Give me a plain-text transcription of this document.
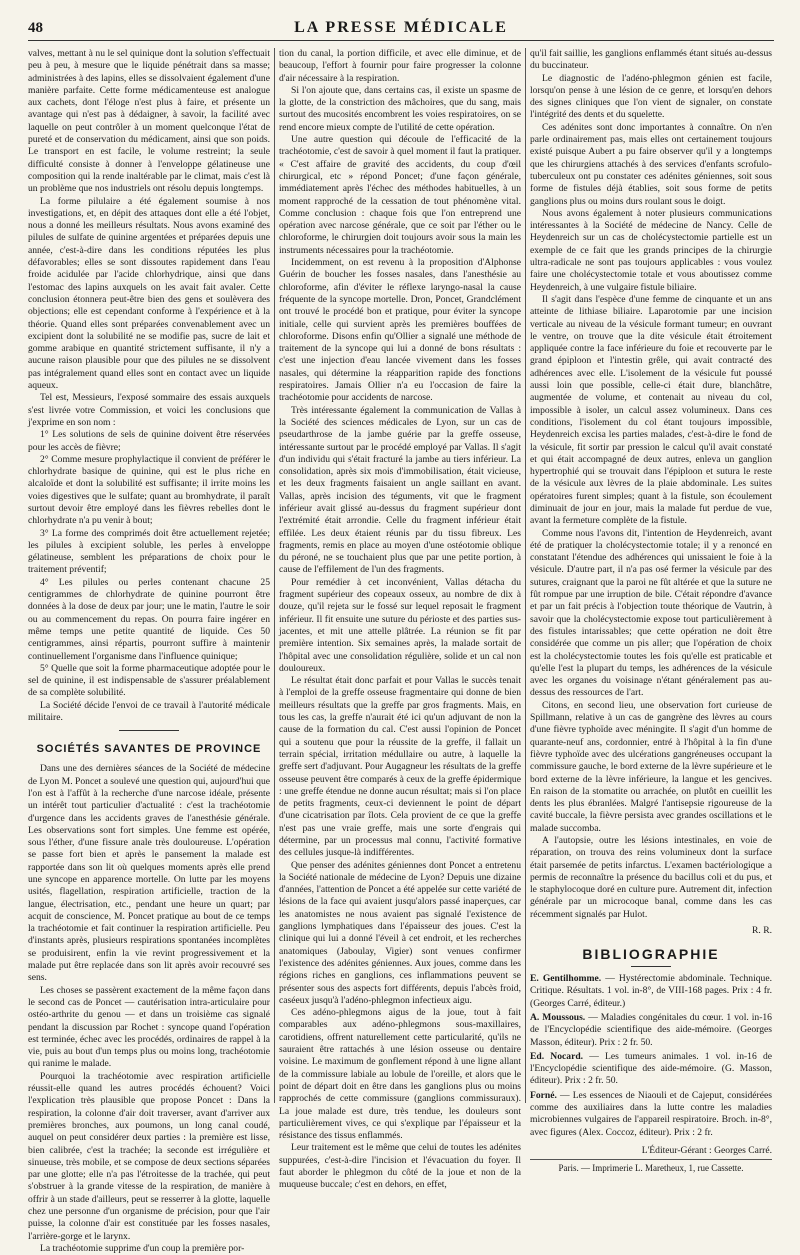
48	LA PRESSE MÉDICALE

valves, mettant à nu le sel quinique dont la solution s'effectuait peu à peu, à mesure que le liquide pénétrait dans sa masse; administrées à des lapins, elles se dissolvaient également d'une manière parfaite. Cette forme médicamenteuse est analogue aux cachets, dont l'éloge n'est plus à faire, et présente un avantage qui n'est pas à dédaigner, à savoir, la facilité avec laquelle on peut contrôler à un moment quelconque l'état de pureté et de conservation du médicament, ainsi que son poids. Le transport en est facile, le volume restreint; la seule difficulté consiste à donner à l'enveloppe gélatineuse une composition qui la rende inaltérable par le climat, mais c'est là un problème que nos industriels ont résolu depuis longtemps.

La forme pilulaire a été également soumise à nos investigations, et, en dépit des attaques dont elle a été l'objet, nous a donné les meilleurs résultats. Nous avons examiné des pilules de sulfate de quinine argentées et préparées depuis une année, c'est-à-dire dans les conditions réputées les plus défavorables; elles se sont dissoutes rapidement dans l'eau froide acidulée par l'acide chlorhydrique, ainsi que dans l'estomac des lapins auxquels on les avait fait avaler. Cette conclusion étonnera peut-être bien des gens et soulèvera des objections; elle est cependant conforme à l'expérience et à la théorie. Quand elles sont préparées convenablement avec un excipient dont la solubilité ne se modifie pas, sucre de lait et gomme arabique en quantité strictement suffisante, il n'y a aucune raison plausible pour que des pilules ne se dissolvent pas intégralement quand elles sont en contact avec un liquide aqueux.

Tel est, Messieurs, l'exposé sommaire des essais auxquels s'est livrée votre Commission, et voici les conclusions que j'exprime en son nom :

1° Les solutions de sels de quinine doivent être réservées pour les accès de fièvre;

2° Comme mesure prophylactique il convient de préférer le chlorhydrate basique de quinine, qui est le plus riche en alcaloïde et dont la solubilité est suffisante; il irrite moins les voies digestives que le sulfate; quant au bromhydrate, il paraît surtout devoir être employé dans les fièvres rebelles dont le chlorhydrate n'a pu venir à bout;

3° La forme des comprimés doit être actuellement rejetée; les pilules à excipient soluble, les perles à enveloppe gélatineuse, semblent les préparations de choix pour le traitement préventif;

4° Les pilules ou perles contenant chacune 25 centigrammes de chlorhydrate de quinine pourront être données à la dose de deux par jour; une le matin, l'autre le soir ou au commencement du repas. On pourra faire ingérer en même temps une petite quantité de liquide. Ces 50 centigrammes, ainsi répartis, pourront suffire à maintenir continuellement l'organisme dans l'influence quinique;

5° Quelle que soit la forme pharmaceutique adoptée pour le sel de quinine, il est indispensable de s'assurer préalablement de sa complète solubilité.

La Société décide l'envoi de ce travail à l'autorité médicale militaire.

SOCIÉTÉS SAVANTES DE PROVINCE

Dans une des dernières séances de la Société de médecine de Lyon M. Poncet a soulevé une question qui, aujourd'hui que l'on est à l'affût à la recherche d'une narcose idéale, présente un intérêt tout particulier d'actualité : c'est la trachéotomie d'urgence dans les accidents graves de l'anesthésie générale. Les observations sont fort simples. Une femme est opérée, sous l'éther, d'une fissure anale très douloureuse. L'opération se passe fort bien et après le pansement la malade est rapportée dans son lit où quelques moments après elle prend une syncope en apparence mortelle. On lutte par les moyens usités, flagellation, respiration artificielle, traction de la langue, électrisation, etc., pendant une heure un quart; par acquit de conscience, M. Poncet pratique au bout de ce temps la trachéotomie et fait continuer la respiration artificielle. Peu d'instants après, plusieurs respirations spontanées incomplètes se produisirent, enfin la vie revint progressivement et la malade put être replacée dans son lit après avoir recouvré ses sens.

Les choses se passèrent exactement de la même façon dans le second cas de Poncet — cautérisation intra-articulaire pour ostéo-arthrite du genou — et dans un troisième cas signalé pendant la discussion par Rochet : syncope quand l'opération est terminée, échec avec les procédés, ordinaires de rappel à la vie, puis au bout d'un temps plus ou moins long, trachéotomie qui ranime le malade.

Pourquoi la trachéotomie avec respiration artificielle réussit-elle quand les autres procédés échouent? Voici l'explication très plausible que propose Poncet : Dans la respiration, la colonne d'air doit traverser, avant d'arriver aux premières bronches, aux poumons, un long canal coudé, auquel on peut considérer deux parties : la première est lisse, bien calibrée, c'est la trachée; la seconde est irrégulière et sinueuse, très mobile, et se compose de deux sections séparées par une glotte; elle n'a pas l'étroitesse de la trachée, qui peut s'obstruer à la grande vitesse de la respiration, de manière à offrir à un stade d'ailleurs, peut se resserrer à la glotte, laquelle chez une personne d'un organisme de précision, pour que l'air puisse, la colonne d'air est constituée par les fosses nasales, l'arrière-gorge et le larynx.

La trachéotomie supprime d'un coup la première por-

tion du canal, la portion difficile, et avec elle diminue, et de beaucoup, l'effort à fournir pour faire progresser la colonne d'air nécessaire à la respiration.

Si l'on ajoute que, dans certains cas, il existe un spasme de la glotte, de la constriction des mâchoires, que du sang, mais surtout des mucosités encombrent les voies respiratoires, on se rend encore mieux compte de l'utilité de cette opération.

Une autre question qui découle de l'efficacité de la trachéotomie, c'est de savoir à quel moment il faut la pratiquer. « C'est affaire de gravité des accidents, du coup d'œil chirurgical, etc » répond Poncet; d'une façon générale, immédiatement après l'échec des méthodes habituelles, à un moment rapproché de la cessation de tout phénomène vital. Comme conclusion : chaque fois que l'on entreprend une opération avec narcose générale, que ce soit par l'éther ou le chloroforme, le chirurgien doit toujours avoir sous la main les instruments nécessaires pour la trachéotomie.

Incidemment, on est revenu à la proposition d'Alphonse Guérin de boucher les fosses nasales, dans l'anesthésie au chloroforme, afin d'éviter le réflexe laryngo-nasal la cause fréquente de la syncope mortelle. Dron, Poncet, Grandclément ont trouvé le procédé bon et pratique, pour éviter la syncope initiale, celle qui survient après les premières bouffées de chloroforme. Disons enfin qu'Ollier a signalé une méthode de traitement de la syncope qui lui a donné de bons résultats : c'est une injection d'eau lancée vivement dans les fosses nasales, qui détermine la réapparition rapide des fonctions respiratoires. Jamais Ollier n'a eu l'occasion de faire la trachéotomie pour accidents de narcose.

Très intéressante également la communication de Vallas à la Société des sciences médicales de Lyon, sur un cas de pseudarthrose de la jambe guérie par la greffe osseuse, intéressante surtout par le procédé employé par Vallas. Il s'agit d'un individu qui s'était fracturé la jambe au tiers inférieur. La consolidation, après six mois d'immobilisation, était vicieuse, et les deux fragments faisaient un angle saillant en avant. Vallas, après incision des téguments, vit que le fragment inférieur avait glissé au-dessus du fragment supérieur dont l'extrémité était arrondie. Celle du fragment inférieur était effilée. Les deux étaient réunis par du tissu fibreux. Les fragments, remis en place au moyen d'une ostéotomie oblique du péroné, ne se touchaient plus que par une petite portion, à cause de l'effilement de l'un des fragments.

Pour remédier à cet inconvénient, Vallas détacha du fragment supérieur des copeaux osseux, au nombre de dix à douze, qu'il rejeta sur le fossé sur lequel reposait le fragment inférieur. Il fit ensuite une suture du périoste et des parties sus-jacentes, et mit une attelle plâtrée. La réunion se fit par première intention. Six semaines après, la malade sortait de l'hôpital avec une consolidation régulière, solide et un cal non douloureux.

Le résultat était donc parfait et pour Vallas le succès tenait à l'emploi de la greffe osseuse fragmentaire qui donne de bien meilleurs résultats que la greffe par gros fragments. Mais, en tous les cas, la greffe n'aurait été ici qu'un adjuvant de non la cause de la formation du cal. C'est aussi l'opinion de Poncet qui a soutenu que pour la réussite de la greffe, il fallait un terrain spécial, irritation médullaire ou autre, à laquelle la greffe sert d'adjuvant. Pour Augagneur les résultats de la greffe osseuse peuvent être comparés à ceux de la greffe épidermique : une greffe étendue ne donne aucun résultat; mais si l'on place de petits fragments, ceux-ci deviennent le point de départ d'une cicatrisation par îlots. Cela provient de ce que la greffe n'est pas une vraie greffe, mais une sorte d'engrais qui détermine, par un processus mal connu, l'activité formative des cellules jusque-là indifférentes.

Que penser des adénites géniennes dont Poncet a entretenu la Société nationale de médecine de Lyon? Depuis une dizaine d'années, l'attention de Poncet a été appelée sur cette variété de lésions de la face qui avaient jusqu'alors passé inaperçues, car les anatomistes ne nous avaient pas signalé l'existence de ganglions lymphatiques dans l'épaisseur des joues. C'est la clinique qui lui a donné l'éveil à cet endroit, et les recherches anatomiques (Jaboulay, Vigier) sont venues confirmer l'existence des adénites géniennes. Aux joues, comme dans les régions riches en ganglions, ces inflammations peuvent se présenter sous des aspects fort différents, depuis l'abcès froid, caséeux jusqu'à l'adéno-phlegmon infectieux aigu.

Ces adéno-phlegmons aigus de la joue, tout à fait comparables aux adéno-phlegmons sous-maxillaires, carotidiens, offrent naturellement cette particularité, qu'ils ne sauraient être rattachés à une lésion osseuse ou dentaire voisine. Le maximum de gonflement répond à une ligne allant de la commissure labiale au lobule de l'oreille, et alors que le point de départ doit en être dans les ganglions plus ou moins rapprochés de cette commissure (ganglions commissuraux). La joue malade est dure, très tendue, les douleurs sont particulièrement vives, ce qui s'explique par l'épaisseur et la résistance des tissus enflammés.

Leur traitement est le même que celui de toutes les adénites suppurées, c'est-à-dire l'incision et l'évacuation du foyer. Il faut aborder le phlegmon du côté de la joue et non de la muqueuse buccale; c'est en dehors, en effet,

qu'il fait saillie, les ganglions enflammés étant situés au-dessus du buccinateur.

Le diagnostic de l'adéno-phlegmon génien est facile, lorsqu'on pense à une lésion de ce genre, et lorsqu'en dehors des signes cliniques que l'on vient de signaler, on constate l'intégrité des dents et du squelette.

Ces adénites sont donc importantes à connaître. On n'en parle ordinairement pas, mais elles ont certainement toujours existé puisque Aubert a pu faire observer qu'il y a longtemps que les chirurgiens attachés à des services d'enfants scrofulo-tuberculeux ont pu constater ces adénites géniennes, soit sous forme de fistules déjà établies, soit sous forme de petits ganglions plus ou moins durs roulant sous le doigt.

Nous avons également à noter plusieurs communications intéressantes à la Société de médecine de Nancy. Celle de Heydenreich sur un cas de cholécystectomie partielle est un exemple de ce fait que les grands principes de la chirurgie ultra-radicale ne sont pas toujours applicables : vous voulez faire une cholécystectomie totale et vous aboutissez comme Heydenreich, à une vulgaire fistule biliaire.

Il s'agit dans l'espèce d'une femme de cinquante et un ans atteinte de lithiase biliaire. Laparotomie par une incision verticale au niveau de la vésicule formant tumeur; en ouvrant le ventre, on trouve que la dite vésicule était étroitement appliquée contre la face inférieure du foie et recouverte par le grand épiploon et l'intestin grêle, qui avait contracté des adhérences avec elle. L'isolement de la vésicule fut poussé aussi loin que possible, celle-ci était dure, blanchâtre, augmentée de volume, et contenait au niveau du col, impossible à isoler, un calcul assez volumineux. Dans ces conditions, l'isolement du col étant toujours impossible, Heydenreich excisa les parties malades, c'est-à-dire le fond de la vésicule, fit sortir par pression le calcul qu'il avait constaté et qui était accompagné de deux autres, enleva un ganglion hypertrophié qui se trouvait dans l'épiploon et sutura le reste de la vésicule aux lèvres de la plaie abdominale. Les suites opératoires furent simples; quant à la fistule, son écoulement diminuait de jour en jour, mais la malade fut perdue de vue, avant la fermeture complète de la fistule.

Comme nous l'avons dit, l'intention de Heydenreich, avant été de pratiquer la cholécystectomie totale; il y a renoncé en constatant l'étendue des adhérences qui unissaient le foie à la vésicule. D'autre part, il n'a pas osé fermer la vésicule par des sutures, craignant que la paroi ne fût altérée et que la suture ne fût rompue par une irruption de bile. C'était répondre d'avance et par un fait précis à l'objection toute théorique de Vautrin, à savoir que la cholécystectomie expose tout particulièrement à des fistules intarissables; que cette opération ne doit être considérée que comme un pis aller; que l'opération de choix est la cholécystectomie toutes les fois qu'elle est praticable et qu'elle l'est la plupart du temps, les adhérences de la vésicule avec les organes du voisinage n'étant généralement pas au-dessus des ressources de l'art.

Citons, en second lieu, une observation fort curieuse de Spillmann, relative à un cas de gangrène des lèvres au cours d'une fièvre typhoïde avec méningite. Il s'agit d'un homme de quarante-neuf ans, cordonnier, entré à l'hôpital à la fin d'une fièvre typhoïde avec des ulcérations gangréneuses occupant la commissure gauche, le bord externe de la lèvre supérieure et le bord externe de la lèvre inférieure, la langue et les gencives. En raison de la stomatite ou arrachée, on plutôt en cueillit les dents les plus ébranlées. Malgré l'antisepsie rigoureuse de la cavité buccale, la fièvre persista avec grandes oscillations et le malade succomba.

A l'autopsie, outre les lésions intestinales, en voie de réparation, on trouva des reins volumineux dont la surface était parsemée de petits infarctus. L'examen bactériologique a permis de reconnaître la présence du bacillus coli et du pus, et le staphylocoque doré en culture pure. Autrement dit, infection générale par un microcoque banal, comme dans les cas récemment signalés par Hulot.

R. R.
BIBLIOGRAPHIE

E. Gentilhomme. — Hystérectomie abdominale. Technique. Critique. Résultats. 1 vol. in-8°, de VIII-168 pages. Prix : 4 fr. (Georges Carré, éditeur.)

A. Moussous. — Maladies congénitales du cœur. 1 vol. in-16 de l'Encyclopédie scientifique des aide-mémoire. (Georges Masson, éditeur). Prix : 2 fr. 50.

Ed. Nocard. — Les tumeurs animales. 1 vol. in-16 de l'Encyclopédie scientifique des aide-mémoire. (G. Masson, éditeur). Prix : 2 fr. 50.

Forné. — Les essences de Niaouli et de Cajeput, considérées comme des auxiliaires dans la lutte contre les maladies microbiennes vulgaires de l'appareil respiratoire. Broch. in-8°, avec figures (Alex. Coccoz, éditeur). Prix : 2 fr.

L'Éditeur-Gérant : Georges Carré.
Paris. — Imprimerie L. Maretheux, 1, rue Cassette.
